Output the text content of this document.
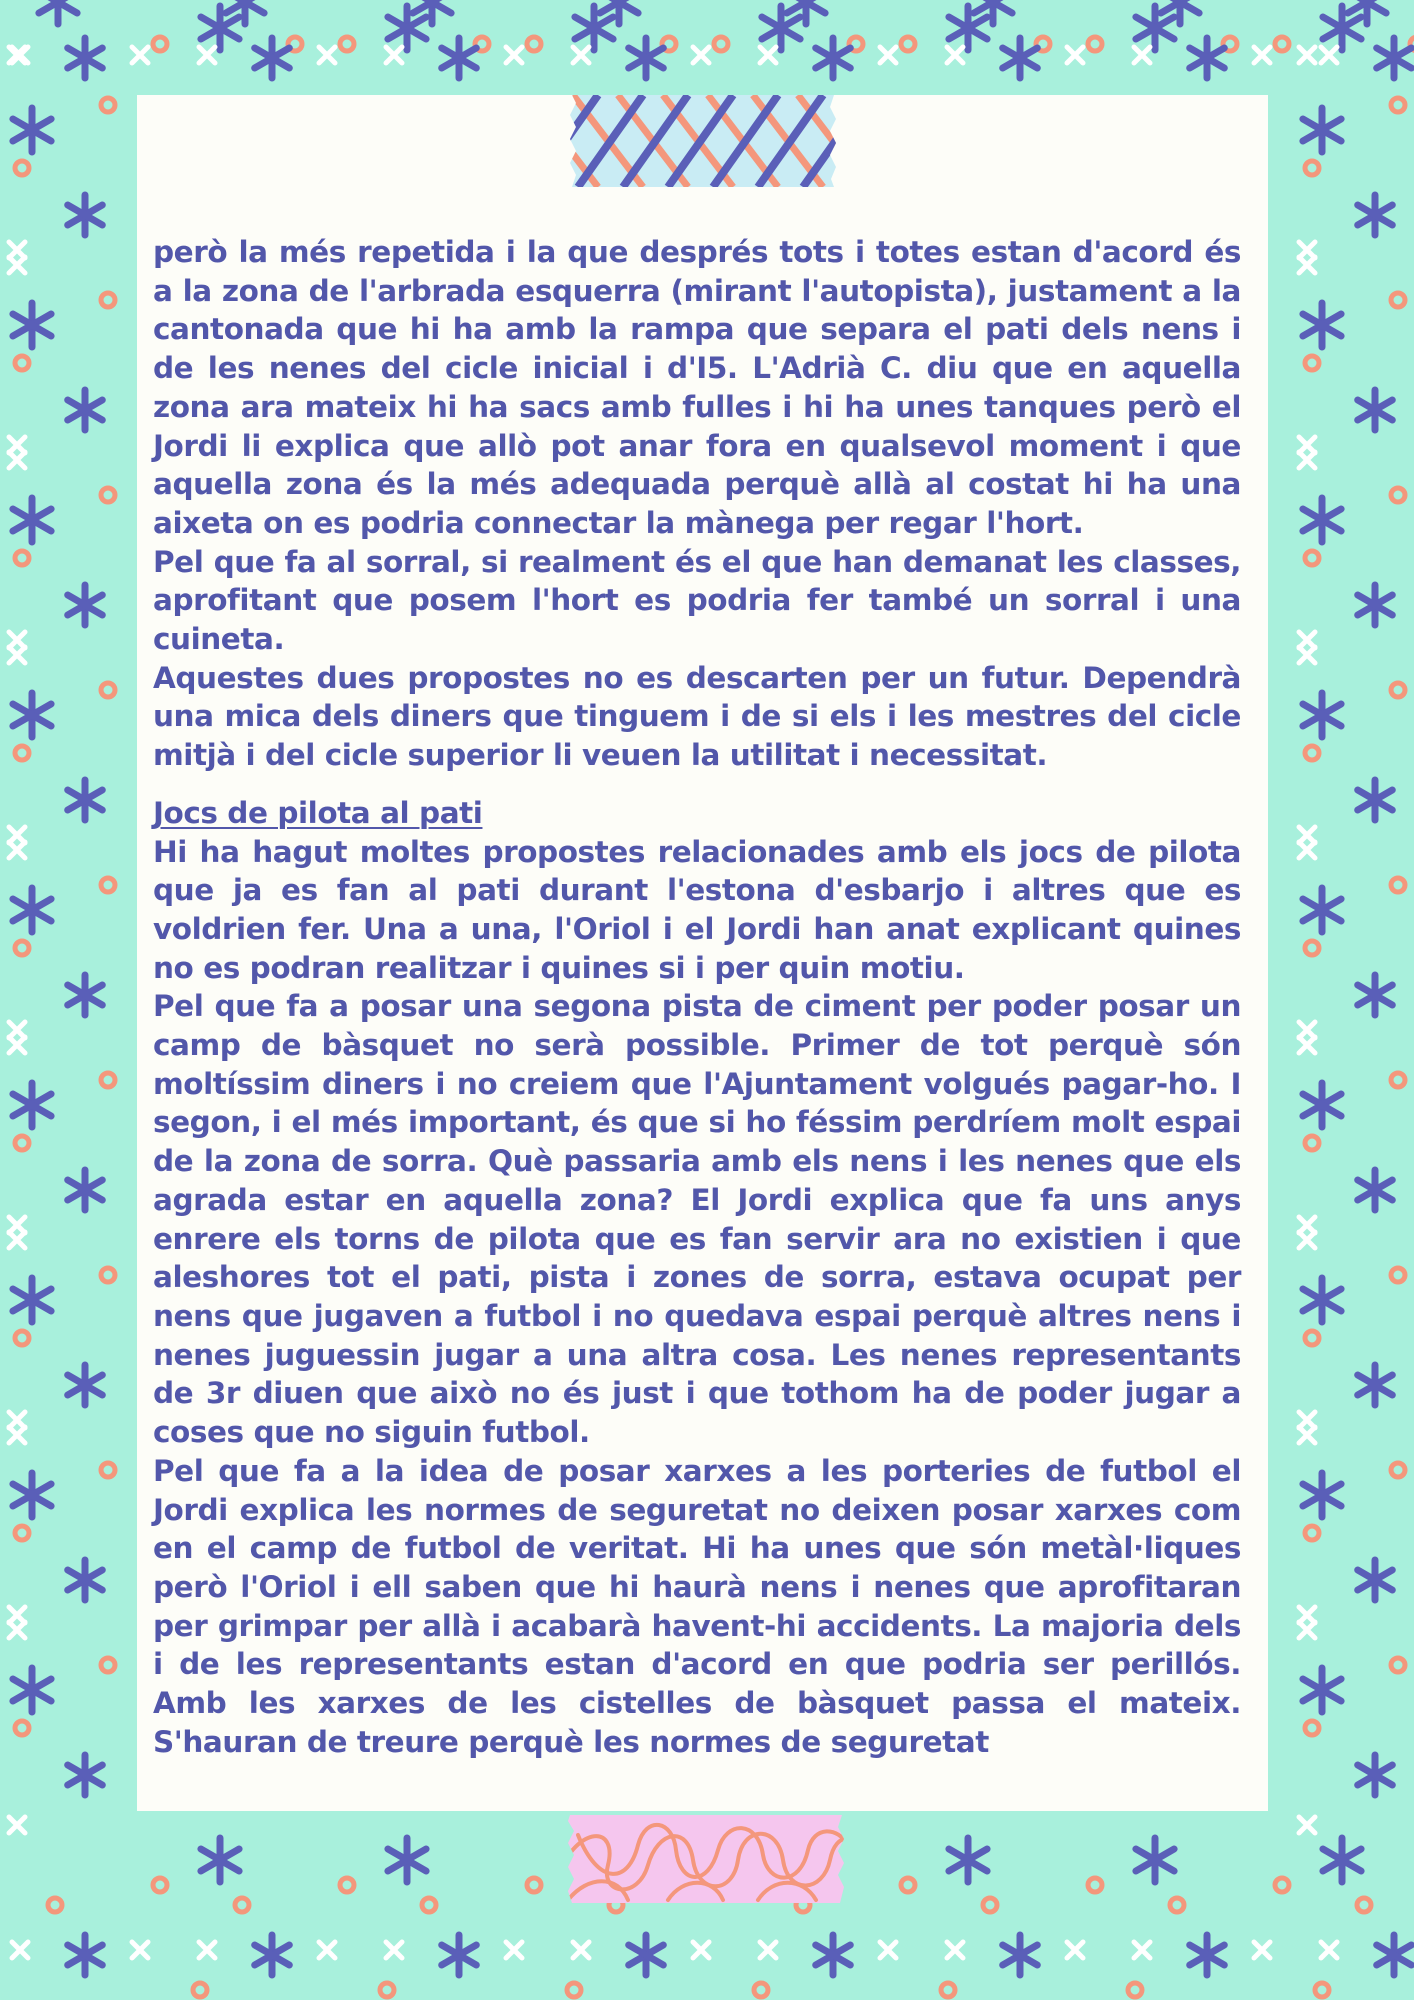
però la més repetida i la que després tots i totes estan d'acord és a la zona de l'arbrada esquerra (mirant l'autopista), justament a la cantonada que hi ha amb la rampa que separa el pati dels nens i de les nenes del cicle inicial i d'I5. L'Adrià C. diu que en aquella zona ara mateix hi ha sacs amb fulles i hi ha unes tanques però el Jordi li explica que allò pot anar fora en qualsevol moment i que aquella zona és la més adequada perquè allà al costat hi ha una aixeta on es podria connectar la mànega per regar l'hort.

Pel que fa al sorral, si realment és el que han demanat les classes, aprofitant que posem l'hort es podria fer també un sorral i una cuineta.

Aquestes dues propostes no es descarten per un futur. Dependrà una mica dels diners que tinguem i de si els i les mestres del cicle mitjà i del cicle superior li veuen la utilitat i necessitat.

Jocs de pilota al pati

Hi ha hagut moltes propostes relacionades amb els jocs de pilota que ja es fan al pati durant l'estona d'esbarjo i altres que es voldrien fer. Una a una, l'Oriol i el Jordi han anat explicant quines no es podran realitzar i quines si i per quin motiu.

Pel que fa a posar una segona pista de ciment per poder posar un camp de bàsquet no serà possible. Primer de tot perquè són moltíssim diners i no creiem que l'Ajuntament volgués pagar-ho. I segon, i el més important, és que si ho féssim perdríem molt espai de la zona de sorra. Què passaria amb els nens i les nenes que els agrada estar en aquella zona? El Jordi explica que fa uns anys enrere els torns de pilota que es fan servir ara no existien i que aleshores tot el pati, pista i zones de sorra, estava ocupat per nens que jugaven a futbol i no quedava espai perquè altres nens i nenes juguessin jugar a una altra cosa. Les nenes representants de 3r diuen que això no és just i que tothom ha de poder jugar a coses que no siguin futbol.

Pel que fa a la idea de posar xarxes a les porteries de futbol el Jordi explica les normes de seguretat no deixen posar xarxes com en el camp de futbol de veritat. Hi ha unes que són metàl·liques però l'Oriol i ell saben que hi haurà nens i nenes que aprofitaran per grimpar per allà i acabarà havent-hi accidents. La majoria dels i de les representants estan d'acord en que podria ser perillós. Amb les xarxes de les cistelles de bàsquet passa el mateix. S'hauran de treure perquè les normes de seguretat
